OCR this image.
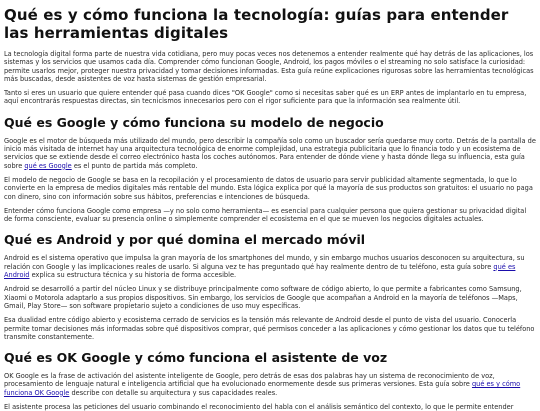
Qué es y cómo funciona la tecnología: guías para entender las herramientas digitales

La tecnología digital forma parte de nuestra vida cotidiana, pero muy pocas veces nos detenemos a entender realmente qué hay detrás de las aplicaciones, los sistemas y los servicios que usamos cada día. Comprender cómo funcionan Google, Android, los pagos móviles o el streaming no solo satisface la curiosidad: permite usarlos mejor, proteger nuestra privacidad y tomar decisiones informadas. Esta guía reúne explicaciones rigurosas sobre las herramientas tecnológicas más buscadas, desde asistentes de voz hasta sistemas de gestión empresarial.

Tanto si eres un usuario que quiere entender qué pasa cuando dices "OK Google" como si necesitas saber qué es un ERP antes de implantarlo en tu empresa, aquí encontrarás respuestas directas, sin tecnicismos innecesarios pero con el rigor suficiente para que la información sea realmente útil.

Qué es Google y cómo funciona su modelo de negocio

Google es el motor de búsqueda más utilizado del mundo, pero describir la compañía solo como un buscador sería quedarse muy corto. Detrás de la pantalla de inicio más visitada de internet hay una arquitectura tecnológica de enorme complejidad, una estrategia publicitaria que lo financia todo y un ecosistema de servicios que se extiende desde el correo electrónico hasta los coches autónomos. Para entender de dónde viene y hasta dónde llega su influencia, esta guía sobre qué es Google es el punto de partida más completo.

El modelo de negocio de Google se basa en la recopilación y el procesamiento de datos de usuario para servir publicidad altamente segmentada, lo que lo convierte en la empresa de medios digitales más rentable del mundo. Esta lógica explica por qué la mayoría de sus productos son gratuitos: el usuario no paga con dinero, sino con información sobre sus hábitos, preferencias e intenciones de búsqueda.

Entender cómo funciona Google como empresa —y no solo como herramienta— es esencial para cualquier persona que quiera gestionar su privacidad digital de forma consciente, evaluar su presencia online o simplemente comprender el ecosistema en el que se mueven los negocios digitales actuales.

Qué es Android y por qué domina el mercado móvil

Android es el sistema operativo que impulsa la gran mayoría de los smartphones del mundo, y sin embargo muchos usuarios desconocen su arquitectura, su relación con Google y las implicaciones reales de usarlo. Si alguna vez te has preguntado qué hay realmente dentro de tu teléfono, esta guía sobre qué es Android explica su estructura técnica y su historia de forma accesible.

Android se desarrolló a partir del núcleo Linux y se distribuye principalmente como software de código abierto, lo que permite a fabricantes como Samsung, Xiaomi o Motorola adaptarlo a sus propios dispositivos. Sin embargo, los servicios de Google que acompañan a Android en la mayoría de teléfonos —Maps, Gmail, Play Store— son software propietario sujeto a condiciones de uso muy específicas.

Esa dualidad entre código abierto y ecosistema cerrado de servicios es la tensión más relevante de Android desde el punto de vista del usuario. Conocerla permite tomar decisiones más informadas sobre qué dispositivos comprar, qué permisos conceder a las aplicaciones y cómo gestionar los datos que tu teléfono transmite constantemente.

Qué es OK Google y cómo funciona el asistente de voz

OK Google es la frase de activación del asistente inteligente de Google, pero detrás de esas dos palabras hay un sistema de reconocimiento de voz, procesamiento de lenguaje natural e inteligencia artificial que ha evolucionado enormemente desde sus primeras versiones. Esta guía sobre qué es y cómo funciona OK Google describe con detalle su arquitectura y sus capacidades reales.

El asistente procesa las peticiones del usuario combinando el reconocimiento del habla con el análisis semántico del contexto, lo que le permite entender
